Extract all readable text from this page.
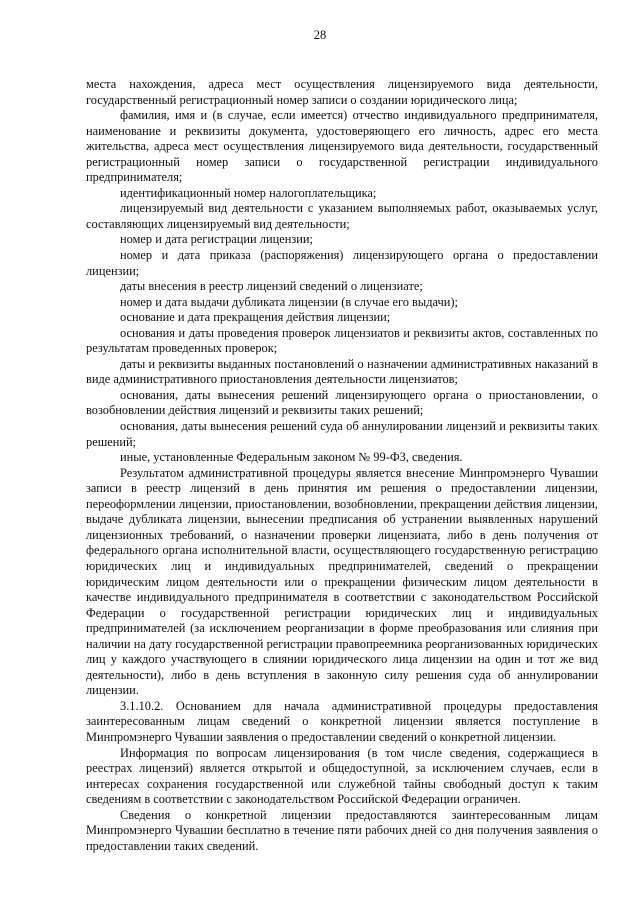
28

места нахождения, адреса мест осуществления лицензируемого вида деятельности, государственный регистрационный номер записи о создании юридического лица;

фамилия, имя и (в случае, если имеется) отчество индивидуального предпринимателя, наименование и реквизиты документа, удостоверяющего его личность, адрес его места жительства, адреса мест осуществления лицензируемого вида деятельности, государственный регистрационный номер записи о государственной регистрации индивидуального предпринимателя;

идентификационный номер налогоплательщика;

лицензируемый вид деятельности с указанием выполняемых работ, оказываемых услуг, составляющих лицензируемый вид деятельности;

номер и дата регистрации лицензии;

номер и дата приказа (распоряжения) лицензирующего органа о предоставлении лицензии;

даты внесения в реестр лицензий сведений о лицензиате;

номер и дата выдачи дубликата лицензии (в случае его выдачи);

основание и дата прекращения действия лицензии;

основания и даты проведения проверок лицензиатов и реквизиты актов, составленных по результатам проведенных проверок;

даты и реквизиты выданных постановлений о назначении административных наказаний в виде административного приостановления деятельности лицензиатов;

основания, даты вынесения решений лицензирующего органа о приостановлении, о возобновлении действия лицензий и реквизиты таких решений;

основания, даты вынесения решений суда об аннулировании лицензий и реквизиты таких решений;

иные, установленные Федеральным законом № 99-ФЗ, сведения.

Результатом административной процедуры является внесение Минпромэнерго Чувашии записи в реестр лицензий в день принятия им решения о предоставлении лицензии, переоформлении лицензии, приостановлении, возобновлении, прекращении действия лицензии, выдаче дубликата лицензии, вынесении предписания об устранении выявленных нарушений лицензионных требований, о назначении проверки лицензиата, либо в день получения от федерального органа исполнительной власти, осуществляющего государственную регистрацию юридических лиц и индивидуальных предпринимателей, сведений о прекращении юридическим лицом деятельности или о прекращении физическим лицом деятельности в качестве индивидуального предпринимателя в соответствии с законодательством Российской Федерации о государственной регистрации юридических лиц и индивидуальных предпринимателей (за исключением реорганизации в форме преобразования или слияния при наличии на дату государственной регистрации правопреемника реорганизованных юридических лиц у каждого участвующего в слиянии юридического лица лицензии на один и тот же вид деятельности), либо в день вступления в законную силу решения суда об аннулировании лицензии.

3.1.10.2. Основанием для начала административной процедуры предоставления заинтересованным лицам сведений о конкретной лицензии является поступление в Минпромэнерго Чувашии заявления о предоставлении сведений о конкретной лицензии.

Информация по вопросам лицензирования (в том числе сведения, содержащиеся в реестрах лицензий) является открытой и общедоступной, за исключением случаев, если в интересах сохранения государственной или служебной тайны свободный доступ к таким сведениям в соответствии с законодательством Российской Федерации ограничен.

Сведения о конкретной лицензии предоставляются заинтересованным лицам Минпромэнерго Чувашии бесплатно в течение пяти рабочих дней со дня получения заявления о предоставлении таких сведений.
